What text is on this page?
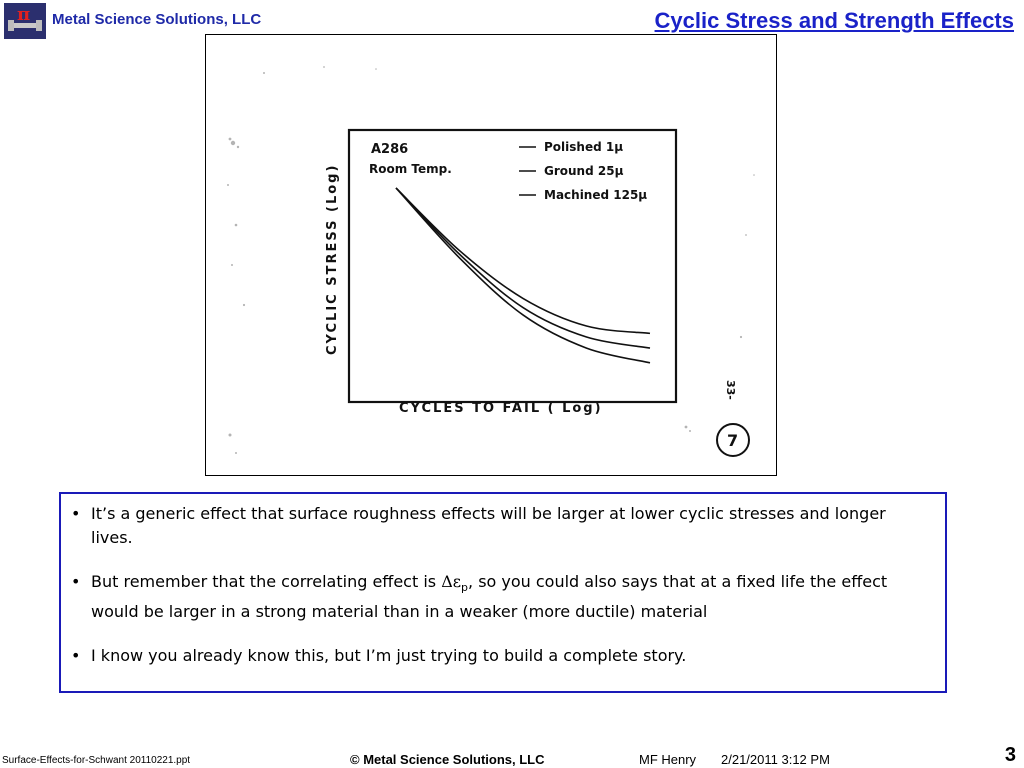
π Metal Science Solutions, LLC	Cyclic Stress and Strength Effects
A286
Room Temp.
CYCLIC STRESS (Log)
CYCLES TO FAIL ( Log)
Polished 1μ
Ground 25μ
Machined 125μ
33-
7
• It’s a generic effect that surface roughness effects will be larger at lower cyclic stresses and longer lives.
• But remember that the correlating effect is $\Delta\varepsilon_p$, so you could also says that at a fixed life the effect would be larger in a strong material than in a weaker (more ductile) material
• I know you already know this, but I’m just trying to build a complete story.
Surface-Effects-for-Schwant 20110221.ppt	© Metal Science Solutions, LLC	MF Henry 2/21/2011 3:12 PM	3
